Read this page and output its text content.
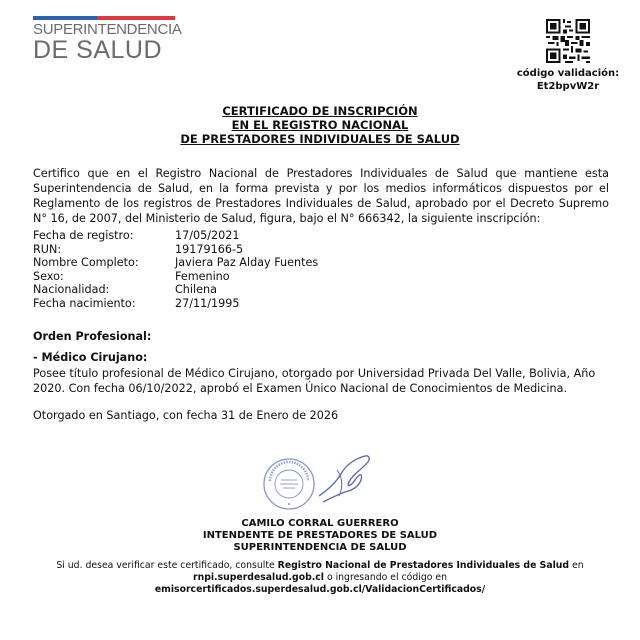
SUPERINTENDENCIA
DE SALUD
código validación:
Et2bpvW2r
CERTIFICADO DE INSCRIPCIÓN
EN EL REGISTRO NACIONAL
DE PRESTADORES INDIVIDUALES DE SALUD
Certifico que en el Registro Nacional de Prestadores Individuales de Salud que mantiene esta Superintendencia de Salud, en la forma prevista y por los medios informáticos dispuestos por el Reglamento de los registros de Prestadores Individuales de Salud, aprobado por el Decreto Supremo N° 16, de 2007, del Ministerio de Salud, figura, bajo el N° 666342, la siguiente inscripción:
Fecha de registro:	17/05/2021
RUN:	19179166-5
Nombre Completo:	Javiera Paz Alday Fuentes
Sexo:	Femenino
Nacionalidad:	Chilena
Fecha nacimiento:	27/11/1995
Orden Profesional:
- Médico Cirujano:
Posee título profesional de Médico Cirujano, otorgado por Universidad Privada Del Valle, Bolivia, Año 2020. Con fecha 06/10/2022, aprobó el Examen Único Nacional de Conocimientos de Medicina.
Otorgado en Santiago, con fecha 31 de Enero de 2026
CAMILO CORRAL GUERRERO
INTENDENTE DE PRESTADORES DE SALUD
SUPERINTENDENCIA DE SALUD
Si ud. desea verificar este certificado, consulte Registro Nacional de Prestadores Individuales de Salud en rnpi.superdesalud.gob.cl o ingresando el código en
emisorcertificados.superdesalud.gob.cl/ValidacionCertificados/
